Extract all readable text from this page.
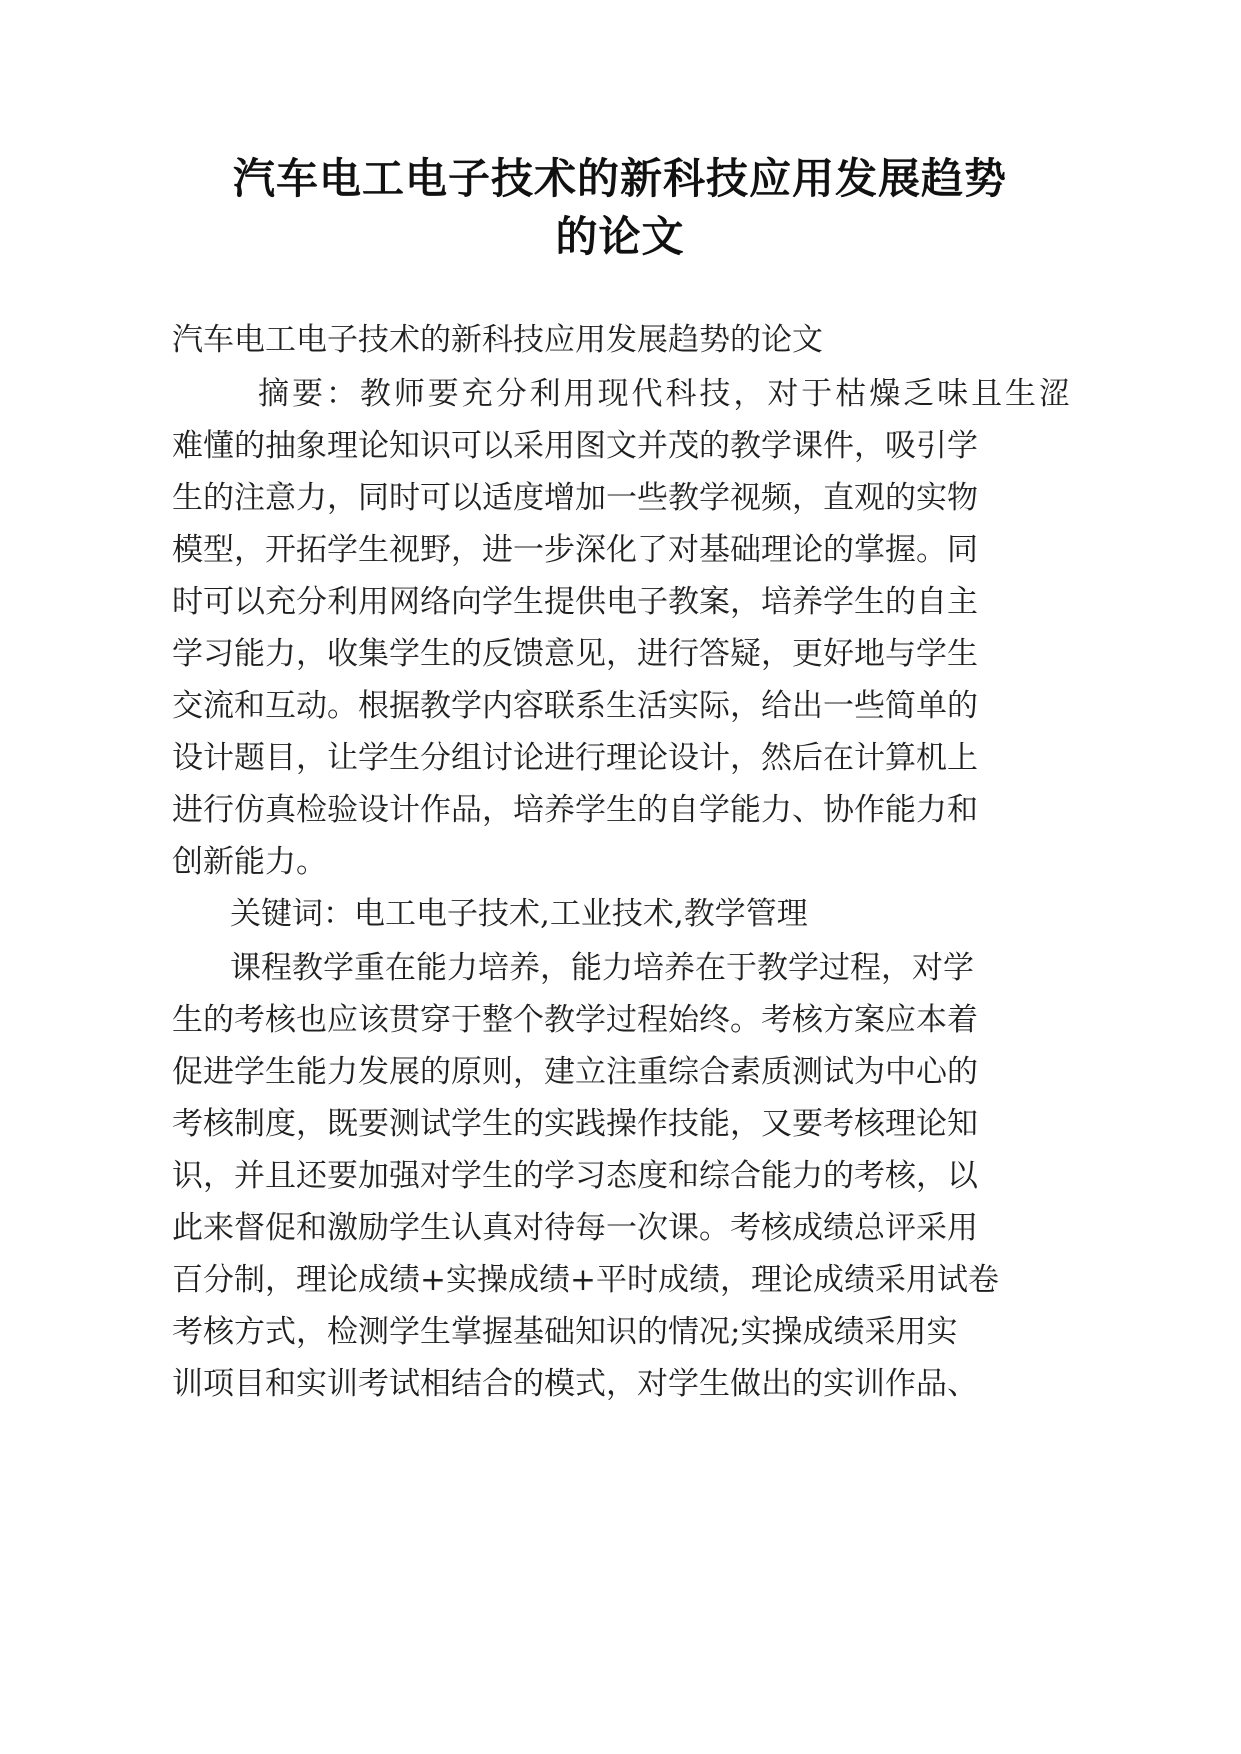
汽车电工电子技术的新科技应用发展趋势
的论文
汽车电工电子技术的新科技应用发展趋势的论文
摘要：教师要充分利用现代科技，对于枯燥乏味且生涩
难懂的抽象理论知识可以采用图文并茂的教学课件，吸引学
生的注意力，同时可以适度增加一些教学视频，直观的实物
模型，开拓学生视野，进一步深化了对基础理论的掌握。同
时可以充分利用网络向学生提供电子教案，培养学生的自主
学习能力，收集学生的反馈意见，进行答疑，更好地与学生
交流和互动。根据教学内容联系生活实际，给出一些简单的
设计题目，让学生分组讨论进行理论设计，然后在计算机上
进行仿真检验设计作品，培养学生的自学能力、协作能力和
创新能力。
关键词：电工电子技术,工业技术,教学管理
课程教学重在能力培养，能力培养在于教学过程，对学
生的考核也应该贯穿于整个教学过程始终。考核方案应本着
促进学生能力发展的原则，建立注重综合素质测试为中心的
考核制度，既要测试学生的实践操作技能，又要考核理论知
识，并且还要加强对学生的学习态度和综合能力的考核，以
此来督促和激励学生认真对待每一次课。考核成绩总评采用
百分制，理论成绩+实操成绩+平时成绩，理论成绩采用试卷
考核方式，检测学生掌握基础知识的情况;实操成绩采用实
训项目和实训考试相结合的模式，对学生做出的实训作品、
